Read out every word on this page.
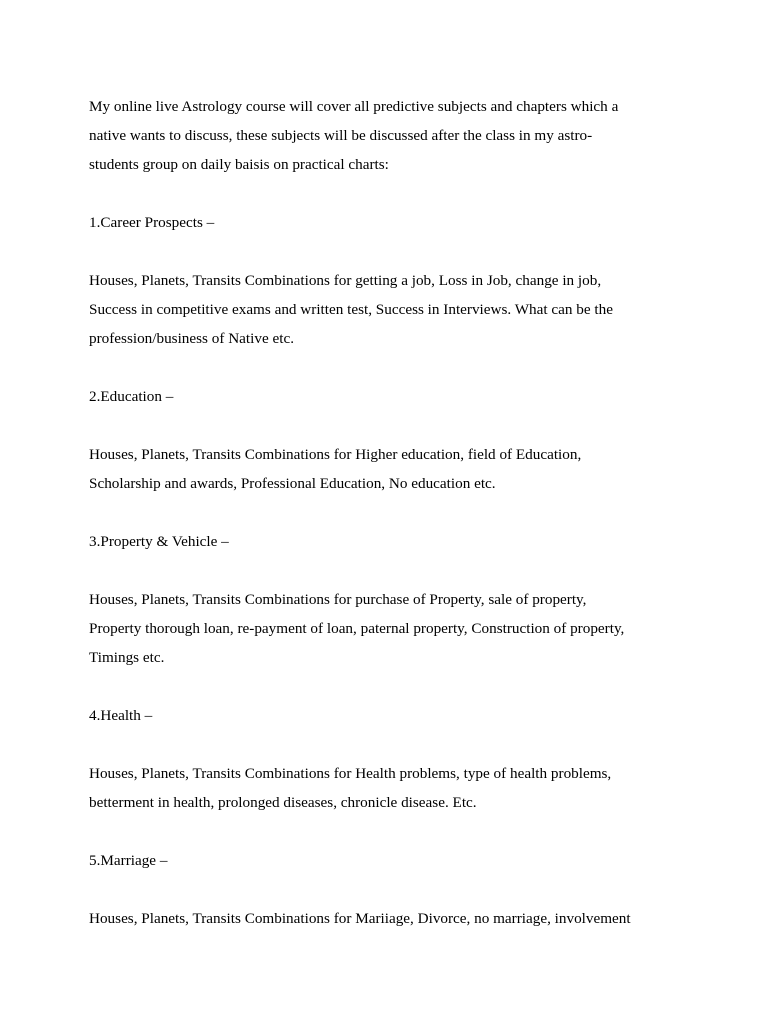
My online live Astrology course will cover all predictive subjects and chapters which a
native wants to discuss, these subjects will be discussed after the class in my astro-
students group on daily baisis on practical charts:
1.Career Prospects –
Houses, Planets, Transits Combinations for getting a job, Loss in Job, change in job,
Success in competitive exams and written test, Success in Interviews. What can be the
profession/business of Native etc.
2.Education –
Houses, Planets, Transits Combinations for Higher education, field of Education,
Scholarship and awards, Professional Education, No education etc.
3.Property & Vehicle –
Houses, Planets, Transits Combinations for purchase of Property, sale of property,
Property thorough loan, re-payment of loan, paternal property, Construction of property,
Timings etc.
4.Health –
Houses, Planets, Transits Combinations for Health problems, type of health problems,
betterment in health, prolonged diseases, chronicle disease. Etc.
5.Marriage –
Houses, Planets, Transits Combinations for Mariiage, Divorce, no marriage, involvement
